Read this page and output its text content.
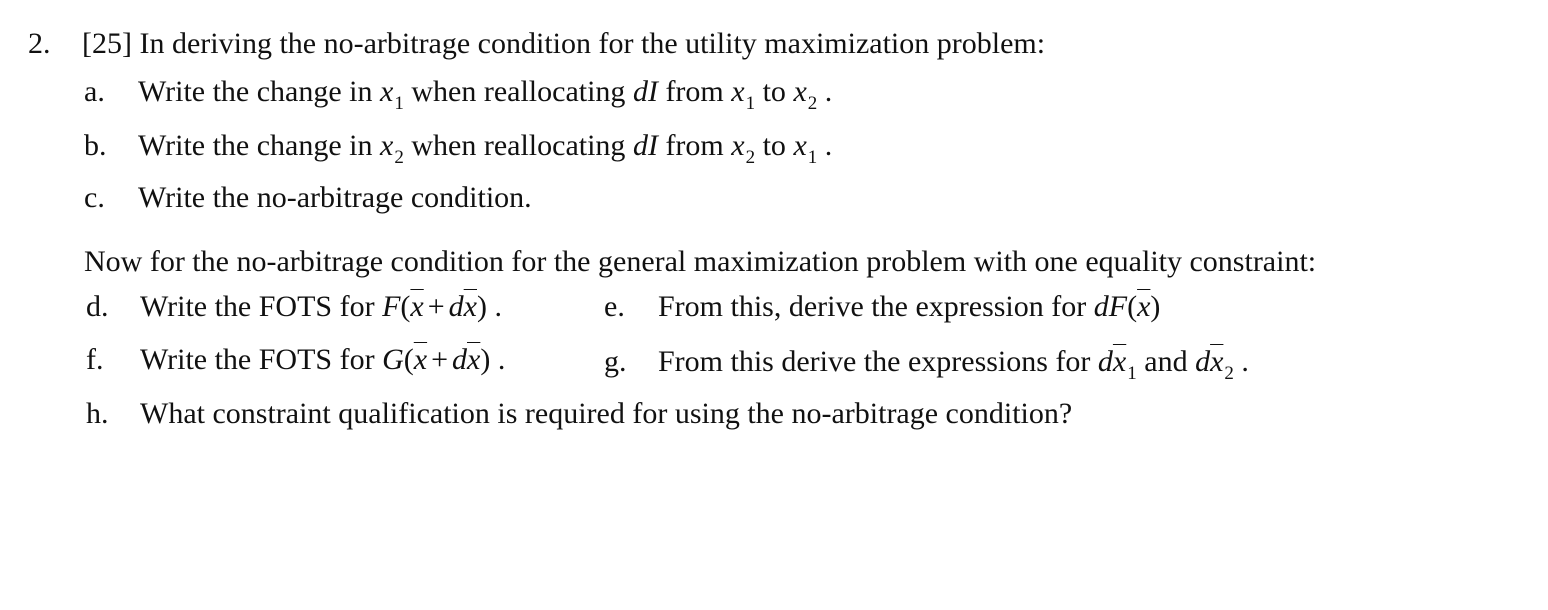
2. [25] In deriving the no-arbitrage condition for the utility maximization problem:
a. Write the change in $x_1$ when reallocating dI from $x_1$ to $x_2$ .
b. Write the change in $x_2$ when reallocating dI from $x_2$ to $x_1$ .
c. Write the no-arbitrage condition.
Now for the no-arbitrage condition for the general maximization problem with one equality constraint:
d. Write the FOTS for $F(\overline{x} + d\overline{x})$ .	e. From this, derive the expression for $dF(\overline{x})$
f. Write the FOTS for $G(\overline{x} + d\overline{x})$ .	g. From this derive the expressions for $d\overline{x}_1$ and $d\overline{x}_2$ .
h. What constraint qualification is required for using the no-arbitrage condition?
